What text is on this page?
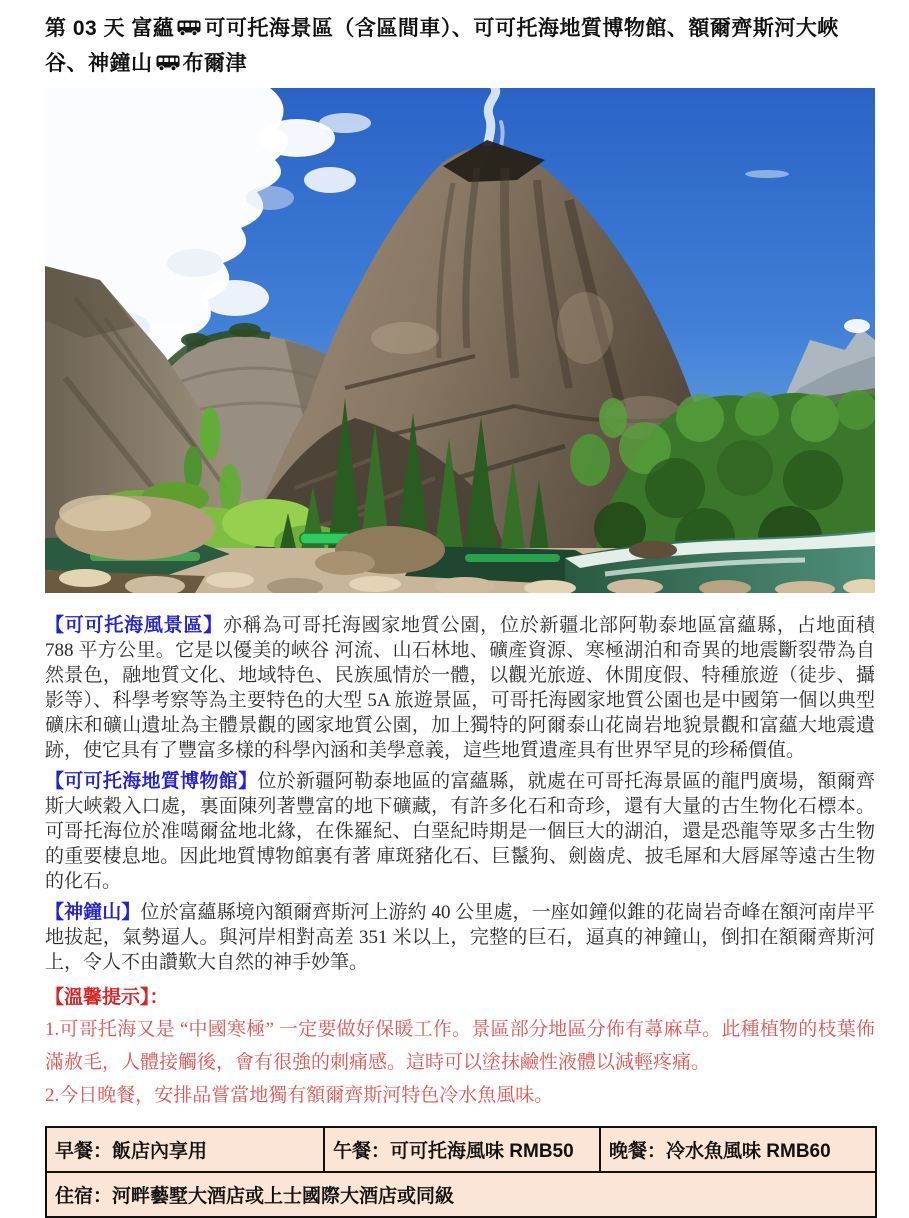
第 03 天 富蘊 可可托海景區（含區間車）、可可托海地質博物館、額爾齊斯河大峽谷、神鐘山 布爾津

【可可托海風景區】亦稱為可哥托海國家地質公園，位於新疆北部阿勒泰地區富蘊縣，占地面積 788 平方公里。它是以優美的峽谷 河流、山石林地、礦產資源、寒極湖泊和奇異的地震斷裂帶為自然景色，融地質文化、地域特色、民族風情於一體，以觀光旅遊、休閒度假、特種旅遊（徒步、攝影等）、科學考察等為主要特色的大型 5A 旅遊景區，可哥托海國家地質公園也是中國第一個以典型礦床和礦山遺址為主體景觀的國家地質公園，加上獨特的阿爾泰山花崗岩地貌景觀和富蘊大地震遺跡，使它具有了豐富多樣的科學內涵和美學意義，這些地質遺產具有世界罕見的珍稀價值。

【可可托海地質博物館】位於新疆阿勒泰地區的富蘊縣，就處在可哥托海景區的龍門廣場，額爾齊斯大峽穀入口處，裏面陳列著豐富的地下礦藏，有許多化石和奇珍，還有大量的古生物化石標本。可哥托海位於准噶爾盆地北緣，在侏羅紀、白堊紀時期是一個巨大的湖泊，還是恐龍等眾多古生物的重要棲息地。因此地質博物館裏有著 庫斑豬化石、巨鬣狗、劍齒虎、披毛犀和大唇犀等遠古生物的化石。

【神鐘山】位於富蘊縣境內額爾齊斯河上游約 40 公里處，一座如鐘似錐的花崗岩奇峰在額河南岸平地拔起，氣勢逼人。與河岸相對高差 351 米以上，完整的巨石，逼真的神鐘山，倒扣在額爾齊斯河上，令人不由讚歎大自然的神手妙筆。

【溫馨提示】：

1.可哥托海又是 “中國寒極” 一定要做好保暖工作。景區部分地區分佈有蕁麻草。此種植物的枝葉佈滿赦毛，人體接觸後，會有很強的刺痛感。這時可以塗抹鹼性液體以減輕疼痛。

2.今日晚餐，安排品嘗當地獨有額爾齊斯河特色冷水魚風味。

早餐：飯店內享用	午餐：可可托海風味 RMB50	晚餐：冷水魚風味 RMB60
住宿：河畔藝墅大酒店或上士國際大酒店或同級
